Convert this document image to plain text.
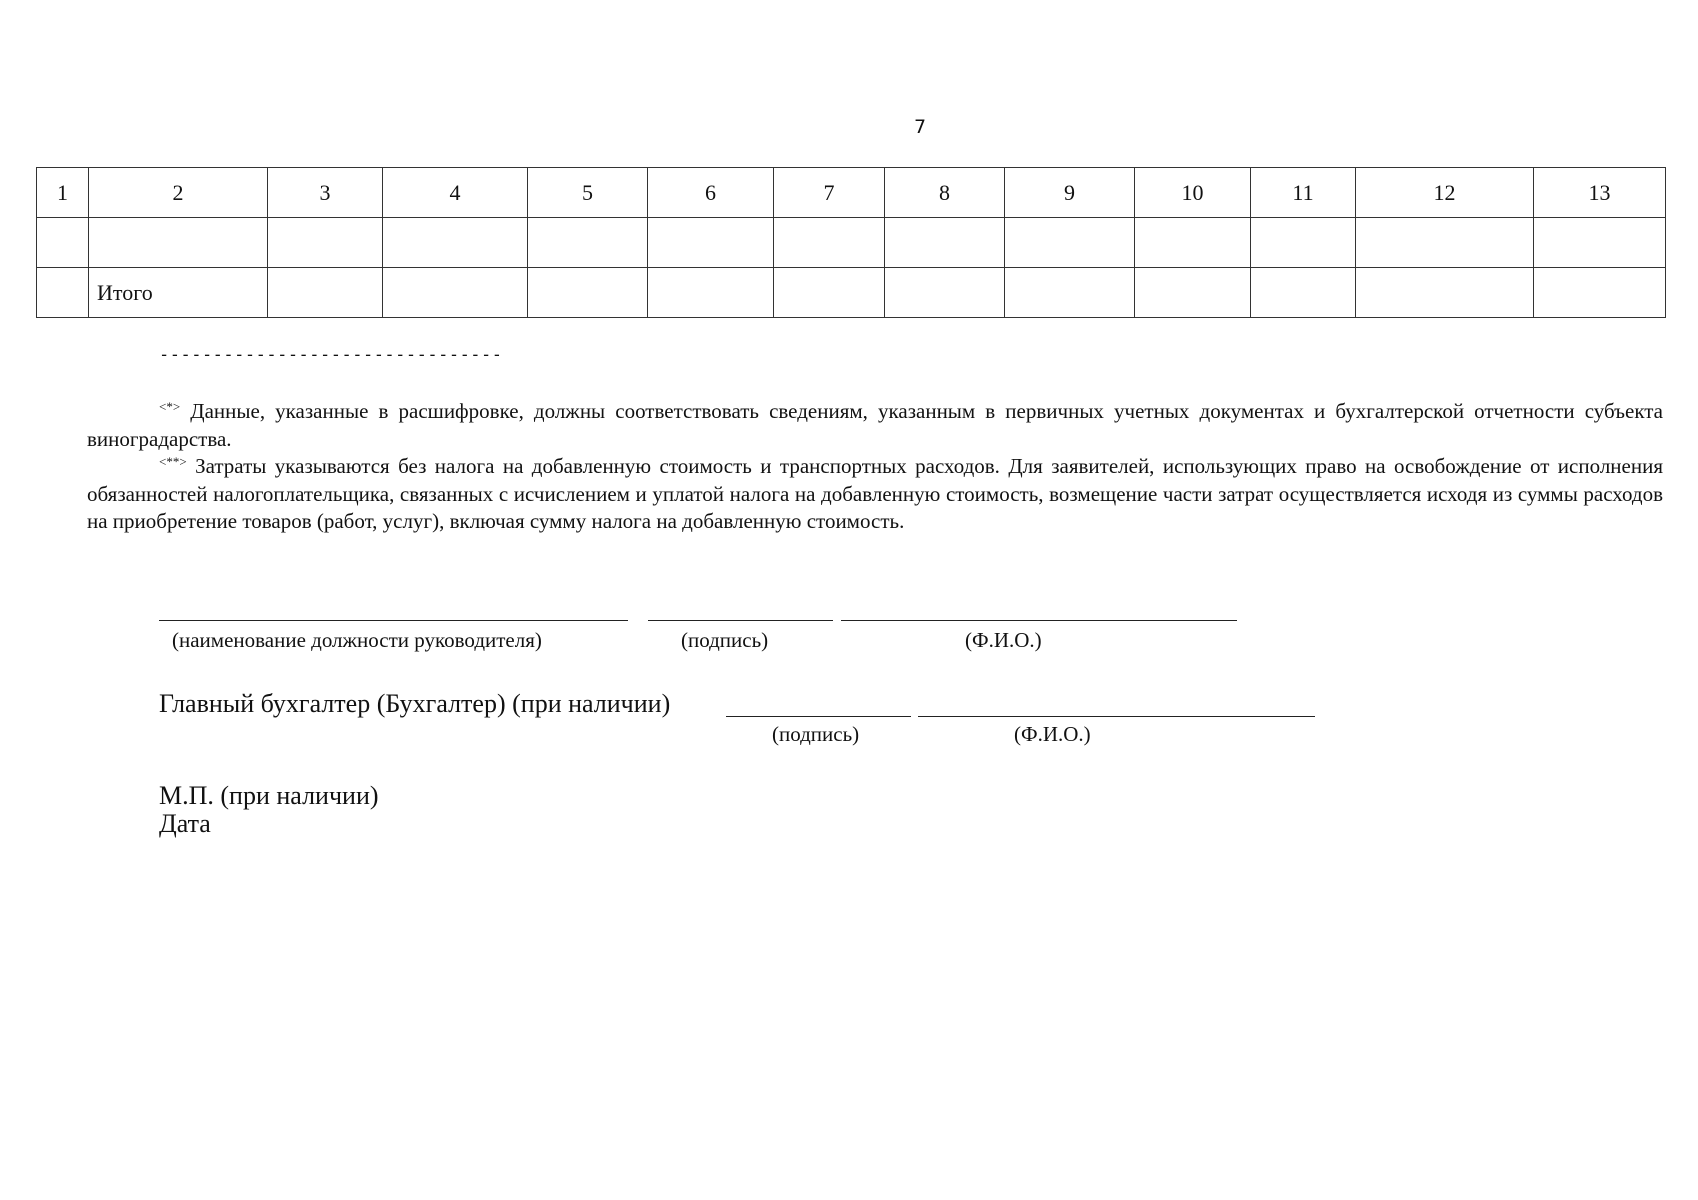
7
1	2	3	4	5	6	7	8	9	10	11	12	13

	Итого											
--------------------------------

<*> Данные, указанные в расшифровке, должны соответствовать сведениям, указанным в первичных учетных документах и бухгалтерской отчетности субъекта виноградарства.

<**> Затраты указываются без налога на добавленную стоимость и транспортных расходов. Для заявителей, использующих право на освобождение от исполнения обязанностей налогоплательщика, связанных с исчислением и уплатой налога на добавленную стоимость, возмещение части затрат осуществляется исходя из суммы расходов на приобретение товаров (работ, услуг), включая сумму налога на добавленную стоимость.

(наименование должности руководителя)	(подпись)	(Ф.И.О.)
Главный бухгалтер (Бухгалтер) (при наличии)
(подпись)	(Ф.И.О.)
М.П. (при наличии)
Дата
